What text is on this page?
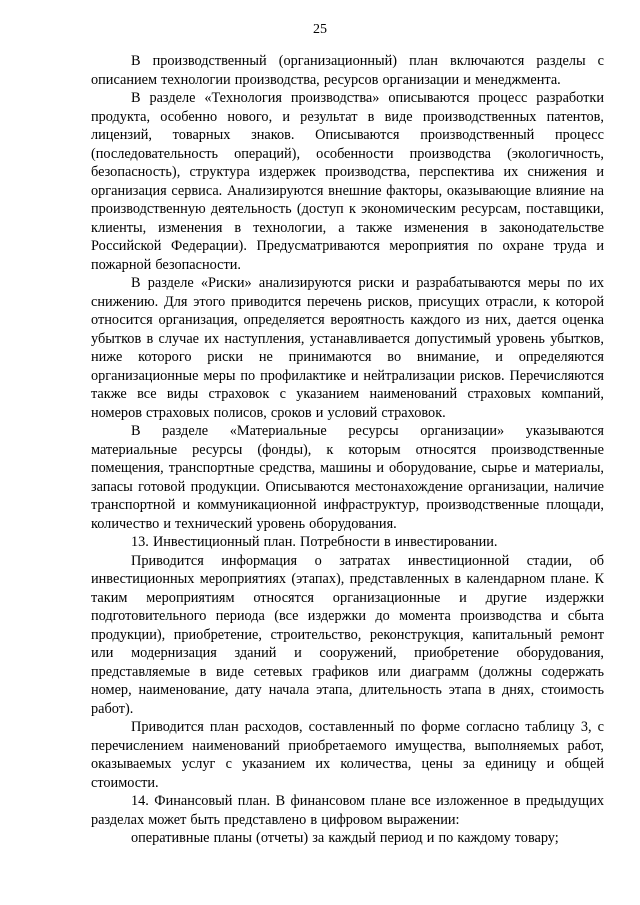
25

В производственный (организационный) план включаются разделы с описанием технологии производства, ресурсов организации и менеджмента.

В разделе «Технология производства» описываются процесс разработки продукта, особенно нового, и результат в виде производственных патентов, лицензий, товарных знаков. Описываются производственный процесс (последовательность операций), особенности производства (экологичность, безопасность), структура издержек производства, перспектива их снижения и организация сервиса. Анализируются внешние факторы, оказывающие влияние на производственную деятельность (доступ к экономическим ресурсам, поставщики, клиенты, изменения в технологии, а также изменения в законодательстве Российской Федерации). Предусматриваются мероприятия по охране труда и пожарной безопасности.

В разделе «Риски» анализируются риски и разрабатываются меры по их снижению. Для этого приводится перечень рисков, присущих отрасли, к которой относится организация, определяется вероятность каждого из них, дается оценка убытков в случае их наступления, устанавливается допустимый уровень убытков, ниже которого риски не принимаются во внимание, и определяются организационные меры по профилактике и нейтрализации рисков. Перечисляются также все виды страховок с указанием наименований страховых компаний, номеров страховых полисов, сроков и условий страховок.

В разделе «Материальные ресурсы организации» указываются материальные ресурсы (фонды), к которым относятся производственные помещения, транспортные средства, машины и оборудование, сырье и материалы, запасы готовой продукции. Описываются местонахождение организации, наличие транспортной и коммуникационной инфраструктур, производственные площади, количество и технический уровень оборудования.

13. Инвестиционный план. Потребности в инвестировании.

Приводится информация о затратах инвестиционной стадии, об инвестиционных мероприятиях (этапах), представленных в календарном плане. К таким мероприятиям относятся организационные и другие издержки подготовительного периода (все издержки до момента производства и сбыта продукции), приобретение, строительство, реконструкция, капитальный ремонт или модернизация зданий и сооружений, приобретение оборудования, представляемые в виде сетевых графиков или диаграмм (должны содержать номер, наименование, дату начала этапа, длительность этапа в днях, стоимость работ).

Приводится план расходов, составленный по форме согласно таблицу 3, с перечислением наименований приобретаемого имущества, выполняемых работ, оказываемых услуг с указанием их количества, цены за единицу и общей стоимости.

14. Финансовый план. В финансовом плане все изложенное в предыдущих разделах может быть представлено в цифровом выражении:

оперативные планы (отчеты) за каждый период и по каждому товару;
